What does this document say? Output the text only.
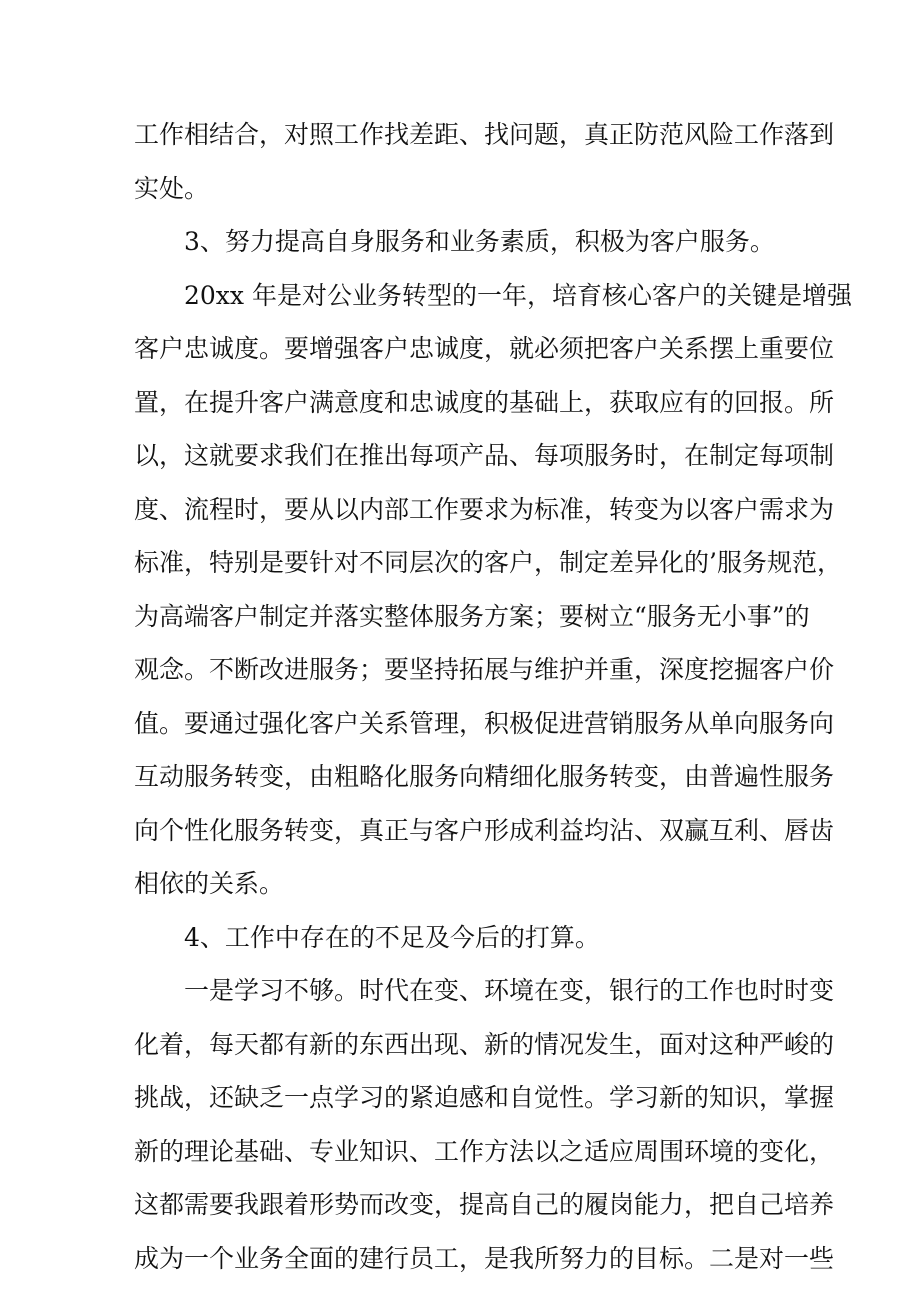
工作相结合，对照工作找差距、找问题，真正防范风险工作落到
实处。
3、努力提高自身服务和业务素质，积极为客户服务。
20xx 年是对公业务转型的一年，培育核心客户的关键是增强
客户忠诚度。要增强客户忠诚度，就必须把客户关系摆上重要位
置，在提升客户满意度和忠诚度的基础上，获取应有的回报。所
以，这就要求我们在推出每项产品、每项服务时，在制定每项制
度、流程时，要从以内部工作要求为标准，转变为以客户需求为
标准，特别是要针对不同层次的客户，制定差异化的’服务规范，
为高端客户制定并落实整体服务方案；要树立“服务无小事”的
观念。不断改进服务；要坚持拓展与维护并重，深度挖掘客户价
值。要通过强化客户关系管理，积极促进营销服务从单向服务向
互动服务转变，由粗略化服务向精细化服务转变，由普遍性服务
向个性化服务转变，真正与客户形成利益均沾、双赢互利、唇齿
相依的关系。
4、工作中存在的不足及今后的打算。
一是学习不够。时代在变、环境在变，银行的工作也时时变
化着，每天都有新的东西出现、新的情况发生，面对这种严峻的
挑战，还缺乏一点学习的紧迫感和自觉性。学习新的知识，掌握
新的理论基础、专业知识、工作方法以之适应周围环境的变化，
这都需要我跟着形势而改变，提高自己的履岗能力，把自己培养
成为一个业务全面的建行员工，是我所努力的目标。二是对一些
